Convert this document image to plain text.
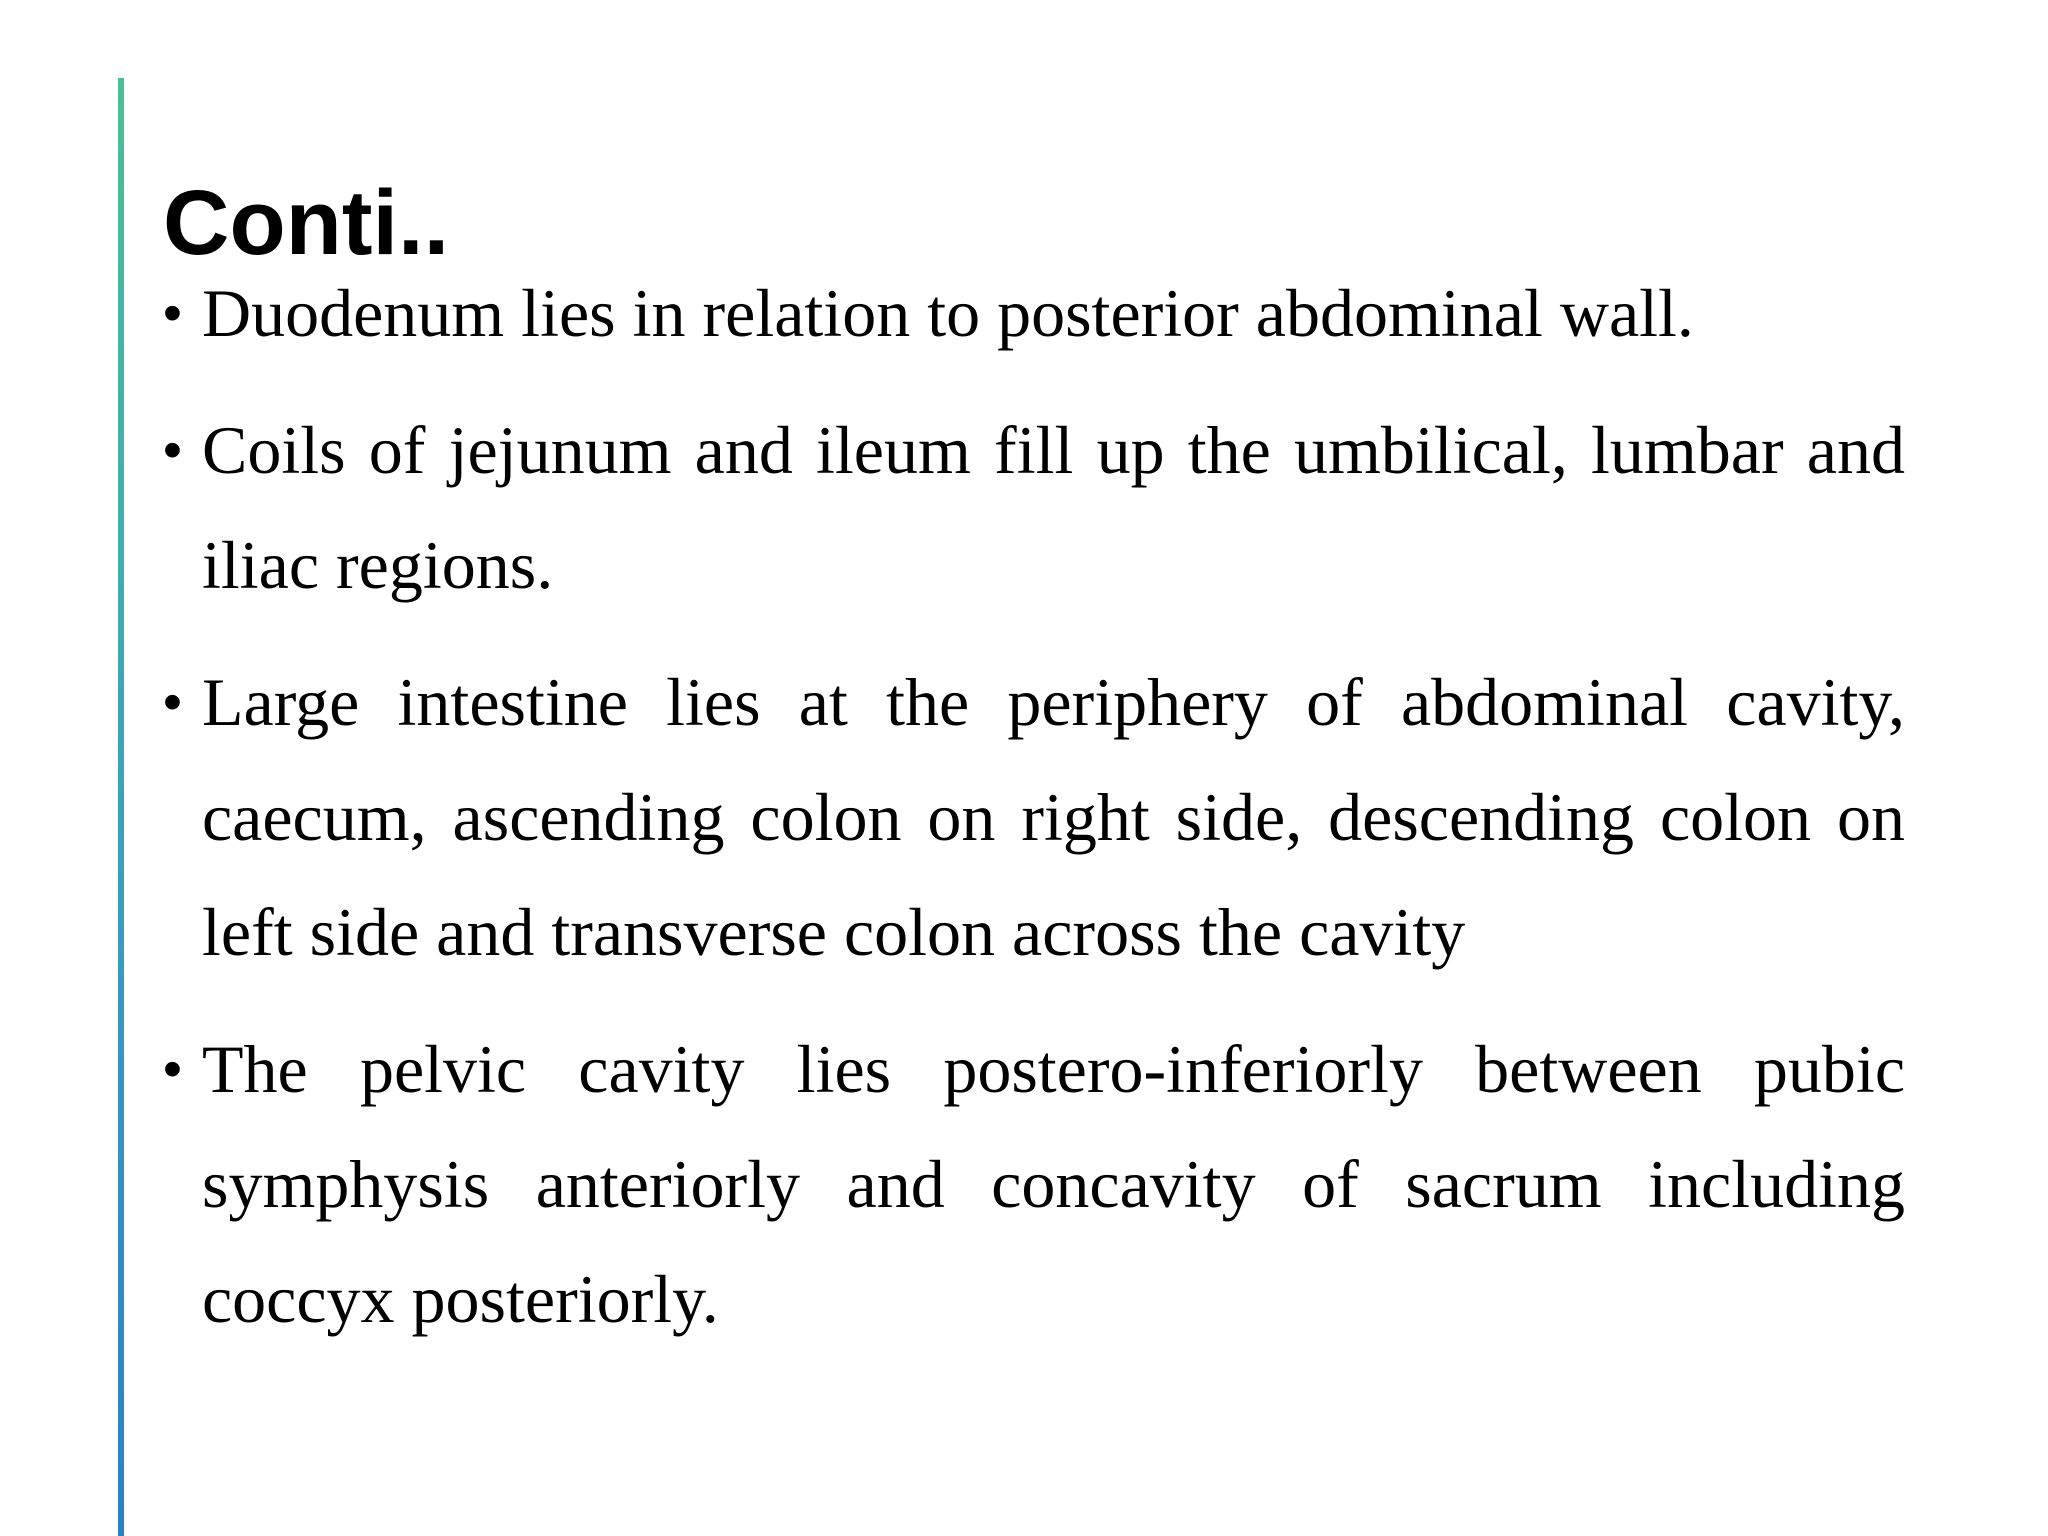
Conti..
• Duodenum lies in relation to posterior abdominal wall.
• Coils of jejunum and ileum fill up the umbilical, lumbar and iliac regions.
• Large intestine lies at the periphery of abdominal cavity, caecum, ascending colon on right side, descending colon on left side and transverse colon across the cavity
• The pelvic cavity lies postero-inferiorly between pubic symphysis anteriorly and concavity of sacrum including coccyx posteriorly.
